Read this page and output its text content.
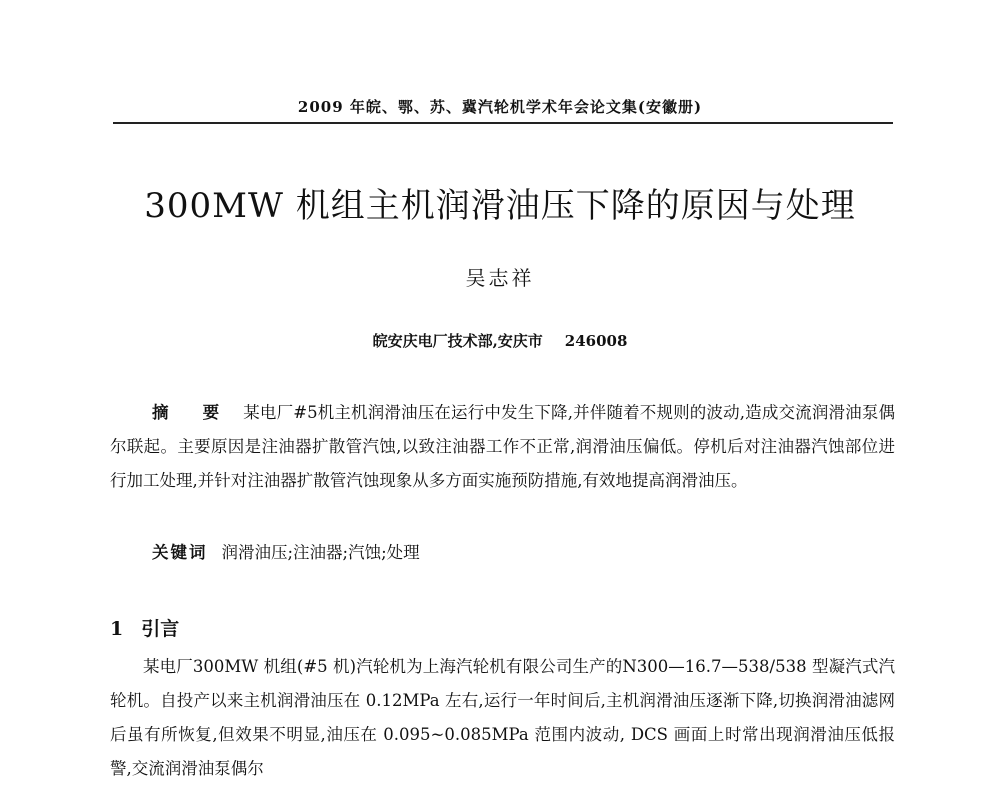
2009 年皖、鄂、苏、冀汽轮机学术年会论文集(安徽册)
300MW 机组主机润滑油压下降的原因与处理
吴志祥
皖安庆电厂技术部,安庆市 246008
摘 要 某电厂#5机主机润滑油压在运行中发生下降,并伴随着不规则的波动,造成交流润滑油泵偶尔联起。主要原因是注油器扩散管汽蚀,以致注油器工作不正常,润滑油压偏低。停机后对注油器汽蚀部位进行加工处理,并针对注油器扩散管汽蚀现象从多方面实施预防措施,有效地提高润滑油压。
关键词 润滑油压;注油器;汽蚀;处理
1 引言

某电厂300MW 机组(#5 机)汽轮机为上海汽轮机有限公司生产的N300—16.7—538/538 型凝汽式汽轮机。自投产以来主机润滑油压在 0.12MPa 左右,运行一年时间后,主机润滑油压逐渐下降,切换润滑油滤网后虽有所恢复,但效果不明显,油压在 0.095~0.085MPa 范围内波动, DCS 画面上时常出现润滑油压低报警,交流润滑油泵偶尔
